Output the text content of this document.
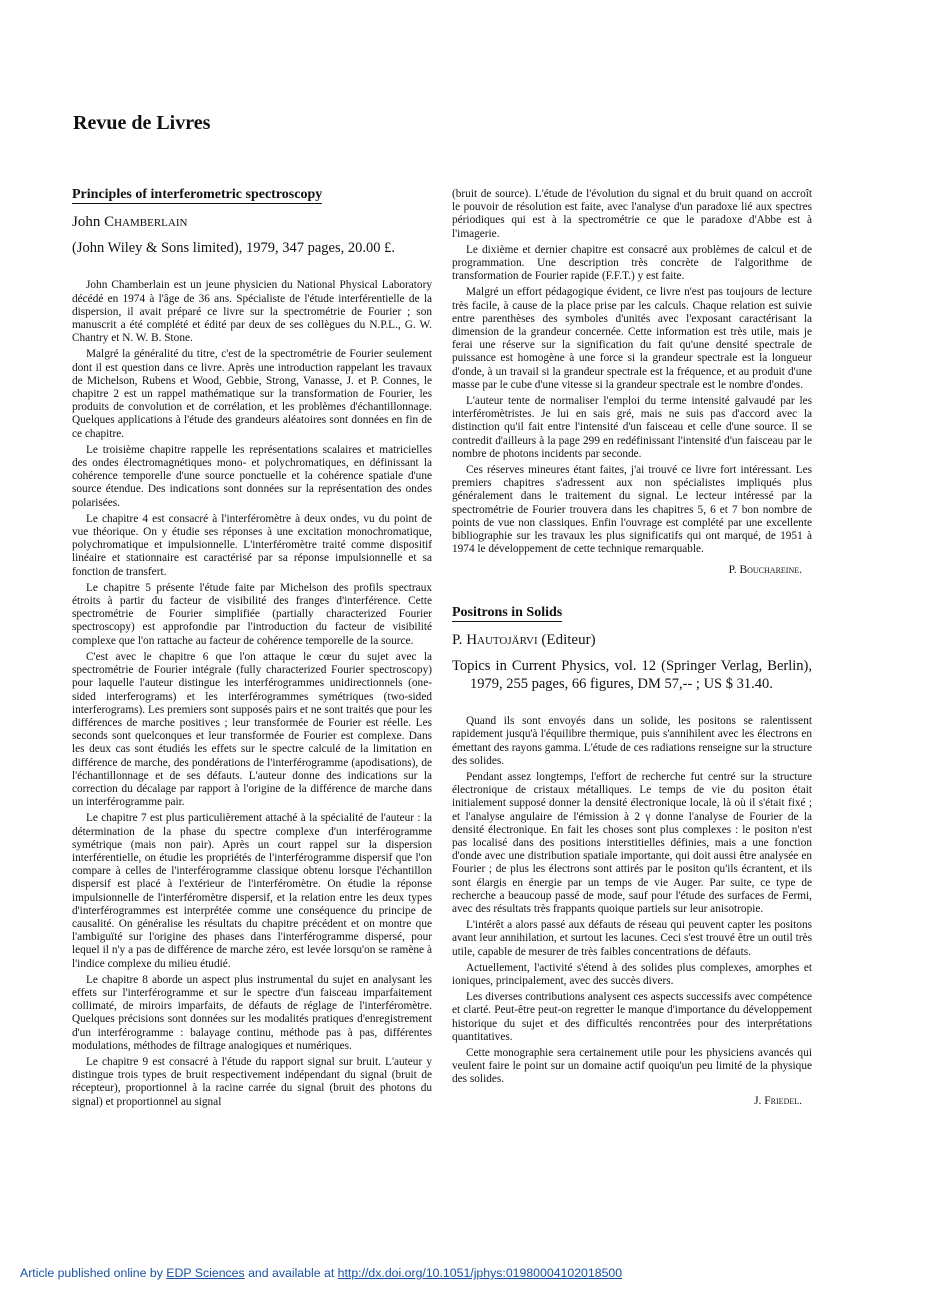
Revue de Livres
Principles of interferometric spectroscopy
John Chamberlain
(John Wiley & Sons limited), 1979, 347 pages, 20.00 £.

John Chamberlain est un jeune physicien du National Physical Laboratory décédé en 1974 à l'âge de 36 ans. Spécialiste de l'étude interférentielle de la dispersion, il avait préparé ce livre sur la spectrométrie de Fourier ; son manuscrit a été complété et édité par deux de ses collègues du N.P.L., G. W. Chantry et N. W. B. Stone.

Malgré la généralité du titre, c'est de la spectrométrie de Fourier seulement dont il est question dans ce livre. Après une introduction rappelant les travaux de Michelson, Rubens et Wood, Gebbie, Strong, Vanasse, J. et P. Connes, le chapitre 2 est un rappel mathématique sur la transformation de Fourier, les produits de convolution et de corrélation, et les problèmes d'échantillonnage. Quelques applications à l'étude des grandeurs aléatoires sont données en fin de ce chapitre.

Le troisième chapitre rappelle les représentations scalaires et matricielles des ondes électromagnétiques mono- et polychromatiques, en définissant la cohérence temporelle d'une source ponctuelle et la cohérence spatiale d'une source étendue. Des indications sont données sur la représentation des ondes polarisées.

Le chapitre 4 est consacré à l'interféromètre à deux ondes, vu du point de vue théorique. On y étudie ses réponses à une excitation monochromatique, polychromatique et impulsionnelle. L'interféromètre traité comme dispositif linéaire et stationnaire est caractérisé par sa réponse impulsionnelle et sa fonction de transfert.

Le chapitre 5 présente l'étude faite par Michelson des profils spectraux étroits à partir du facteur de visibilité des franges d'interférence. Cette spectrométrie de Fourier simplifiée (partially characterized Fourier spectroscopy) est approfondie par l'introduction du facteur de visibilité complexe que l'on rattache au facteur de cohérence temporelle de la source.

C'est avec le chapitre 6 que l'on attaque le cœur du sujet avec la spectrométrie de Fourier intégrale (fully characterized Fourier spectroscopy) pour laquelle l'auteur distingue les interférogrammes unidirectionnels (one-sided interferograms) et les interférogrammes symétriques (two-sided interferograms). Les premiers sont supposés pairs et ne sont traités que pour les différences de marche positives ; leur transformée de Fourier est réelle. Les seconds sont quelconques et leur transformée de Fourier est complexe. Dans les deux cas sont étudiés les effets sur le spectre calculé de la limitation en différence de marche, des pondérations de l'interférogramme (apodisations), de l'échantillonnage et de ses défauts. L'auteur donne des indications sur la correction du décalage par rapport à l'origine de la différence de marche dans un interférogramme pair.

Le chapitre 7 est plus particulièrement attaché à la spécialité de l'auteur : la détermination de la phase du spectre complexe d'un interférogramme symétrique (mais non pair). Après un court rappel sur la dispersion interférentielle, on étudie les propriétés de l'interférogramme dispersif que l'on compare à celles de l'interférogramme classique obtenu lorsque l'échantillon dispersif est placé à l'extérieur de l'interféromètre. On étudie la réponse impulsionnelle de l'interféromètre dispersif, et la relation entre les deux types d'interférogrammes est interprétée comme une conséquence du principe de causalité. On généralise les résultats du chapitre précédent et on montre que l'ambiguïté sur l'origine des phases dans l'interférogramme dispersé, pour lequel il n'y a pas de différence de marche zéro, est levée lorsqu'on se ramène à l'indice complexe du milieu étudié.

Le chapitre 8 aborde un aspect plus instrumental du sujet en analysant les effets sur l'interférogramme et sur le spectre d'un faisceau imparfaitement collimaté, de miroirs imparfaits, de défauts de réglage de l'interféromètre. Quelques précisions sont données sur les modalités pratiques d'enregistrement d'un interférogramme : balayage continu, méthode pas à pas, différentes modulations, méthodes de filtrage analogiques et numériques.

Le chapitre 9 est consacré à l'étude du rapport signal sur bruit. L'auteur y distingue trois types de bruit respectivement indépendant du signal (bruit de récepteur), proportionnel à la racine carrée du signal (bruit des photons du signal) et proportionnel au signal

(bruit de source). L'étude de l'évolution du signal et du bruit quand on accroît le pouvoir de résolution est faite, avec l'analyse d'un paradoxe lié aux spectres périodiques qui est à la spectrométrie ce que le paradoxe d'Abbe est à l'imagerie.

Le dixième et dernier chapitre est consacré aux problèmes de calcul et de programmation. Une description très concrète de l'algorithme de transformation de Fourier rapide (F.F.T.) y est faite.

Malgré un effort pédagogique évident, ce livre n'est pas toujours de lecture très facile, à cause de la place prise par les calculs. Chaque relation est suivie entre parenthèses des symboles d'unités avec l'exposant caractérisant la dimension de la grandeur concernée. Cette information est très utile, mais je ferai une réserve sur la signification du fait qu'une densité spectrale de puissance est homogène à une force si la grandeur spectrale est la longueur d'onde, à un travail si la grandeur spectrale est la fréquence, et au produit d'une masse par le cube d'une vitesse si la grandeur spectrale est le nombre d'ondes.

L'auteur tente de normaliser l'emploi du terme intensité galvaudé par les interféromètristes. Je lui en sais gré, mais ne suis pas d'accord avec la distinction qu'il fait entre l'intensité d'un faisceau et celle d'une source. Il se contredit d'ailleurs à la page 299 en redéfinissant l'intensité d'un faisceau par le nombre de photons incidents par seconde.

Ces réserves mineures étant faites, j'ai trouvé ce livre fort intéressant. Les premiers chapitres s'adressent aux non spécialistes impliqués plus généralement dans le traitement du signal. Le lecteur intéressé par la spectrométrie de Fourier trouvera dans les chapitres 5, 6 et 7 bon nombre de points de vue non classiques. Enfin l'ouvrage est complété par une excellente bibliographie sur les travaux les plus significatifs qui ont marqué, de 1951 à 1974 le développement de cette technique remarquable.

P. Bouchareine.
Positrons in Solids
P. Hautojärvi (Editeur)
Topics in Current Physics, vol. 12 (Springer Verlag, Berlin), 1979, 255 pages, 66 figures, DM 57,-- ; US $ 31.40.

Quand ils sont envoyés dans un solide, les positons se ralentissent rapidement jusqu'à l'équilibre thermique, puis s'annihilent avec les électrons en émettant des rayons gamma. L'étude de ces radiations renseigne sur la structure des solides.

Pendant assez longtemps, l'effort de recherche fut centré sur la structure électronique de cristaux métalliques. Le temps de vie du positon était initialement supposé donner la densité électronique locale, là où il s'était fixé ; et l'analyse angulaire de l'émission à 2 γ donne l'analyse de Fourier de la densité électronique. En fait les choses sont plus complexes : le positon n'est pas localisé dans des positions interstitielles définies, mais a une fonction d'onde avec une distribution spatiale importante, qui doit aussi être analysée en Fourier ; de plus les électrons sont attirés par le positon qu'ils écrantent, et ils sont élargis en énergie par un temps de vie Auger. Par suite, ce type de recherche a beaucoup passé de mode, sauf pour l'étude des surfaces de Fermi, avec des résultats très frappants quoique partiels sur leur anisotropie.

L'intérêt a alors passé aux défauts de réseau qui peuvent capter les positons avant leur annihilation, et surtout les lacunes. Ceci s'est trouvé être un outil très utile, capable de mesurer de très faibles concentrations de défauts.

Actuellement, l'activité s'étend à des solides plus complexes, amorphes et ioniques, principalement, avec des succès divers.

Les diverses contributions analysent ces aspects successifs avec compétence et clarté. Peut-être peut-on regretter le manque d'importance du développement historique du sujet et des difficultés rencontrées pour des interprétations quantitatives.

Cette monographie sera certainement utile pour les physiciens avancés qui veulent faire le point sur un domaine actif quoiqu'un peu limité de la physique des solides.

J. Friedel.
Article published online by EDP Sciences and available at http://dx.doi.org/10.1051/jphys:01980004102018500
